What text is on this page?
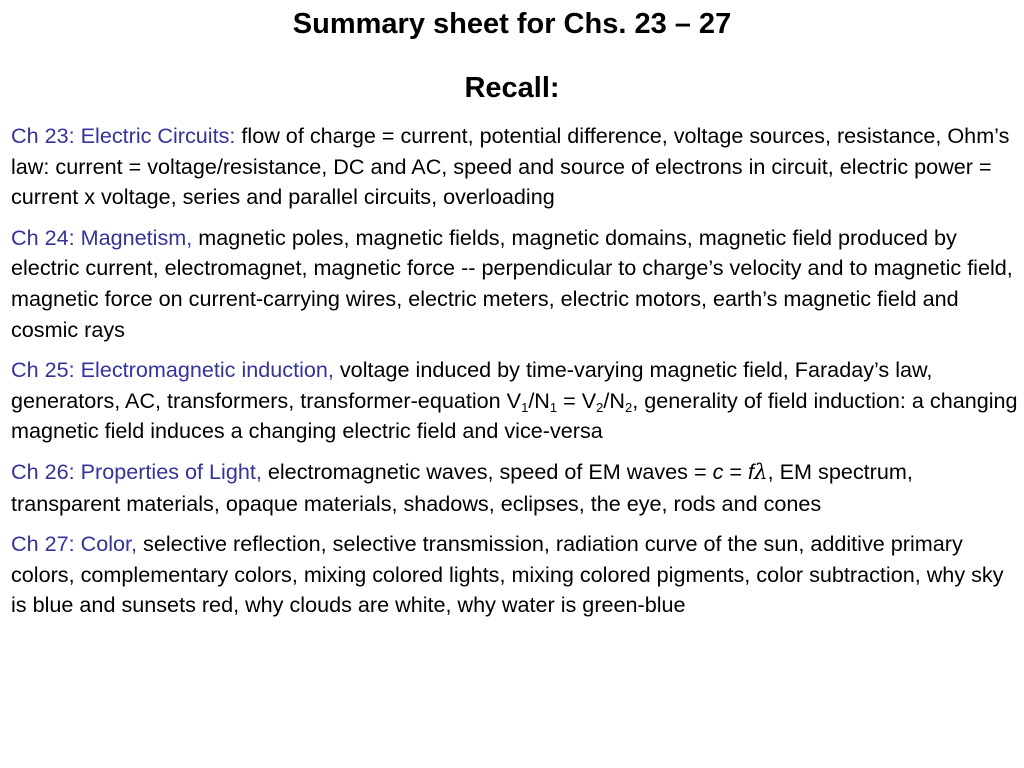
Summary sheet for Chs. 23 – 27
Recall:

Ch 23: Electric Circuits: flow of charge = current, potential difference, voltage sources, resistance, Ohm’s law: current = voltage/resistance, DC and AC, speed and source of electrons in circuit, electric power = current x voltage, series and parallel circuits, overloading

Ch 24: Magnetism, magnetic poles, magnetic fields, magnetic domains, magnetic field produced by electric current, electromagnet, magnetic force -- perpendicular to charge’s velocity and to magnetic field, magnetic force on current-carrying wires, electric meters, electric motors, earth’s magnetic field and cosmic rays

Ch 25: Electromagnetic induction, voltage induced by time-varying magnetic field, Faraday’s law, generators, AC, transformers, transformer-equation $V_1/N_1 = V_2/N_2$, generality of field induction: a changing magnetic field induces a changing electric field and vice-versa

Ch 26: Properties of Light, electromagnetic waves, speed of EM waves = c = fλ, EM spectrum, transparent materials, opaque materials, shadows, eclipses, the eye, rods and cones

Ch 27: Color, selective reflection, selective transmission, radiation curve of the sun, additive primary colors, complementary colors, mixing colored lights, mixing colored pigments, color subtraction, why sky is blue and sunsets red, why clouds are white, why water is green-blue
